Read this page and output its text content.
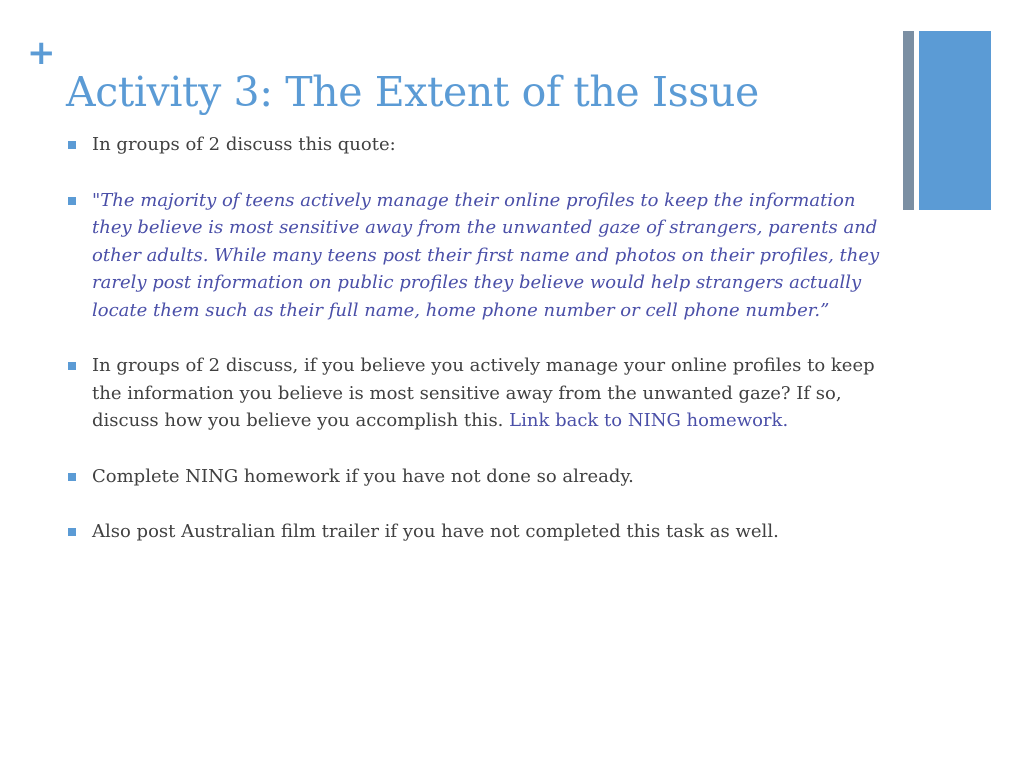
+
Activity 3: The Extent of the Issue
In groups of 2 discuss this quote:
"The majority of teens actively manage their online profiles to keep the information they believe is most sensitive away from the unwanted gaze of strangers, parents and other adults. While many teens post their first name and photos on their profiles, they rarely post information on public profiles they believe would help strangers actually locate them such as their full name, home phone number or cell phone number.”
In groups of 2 discuss, if you believe you actively manage your online profiles to keep the information you believe is most sensitive away from the unwanted gaze? If so, discuss how you believe you accomplish this. Link back to NING homework.
Complete NING homework if you have not done so already.
Also post Australian film trailer if you have not completed this task as well.
